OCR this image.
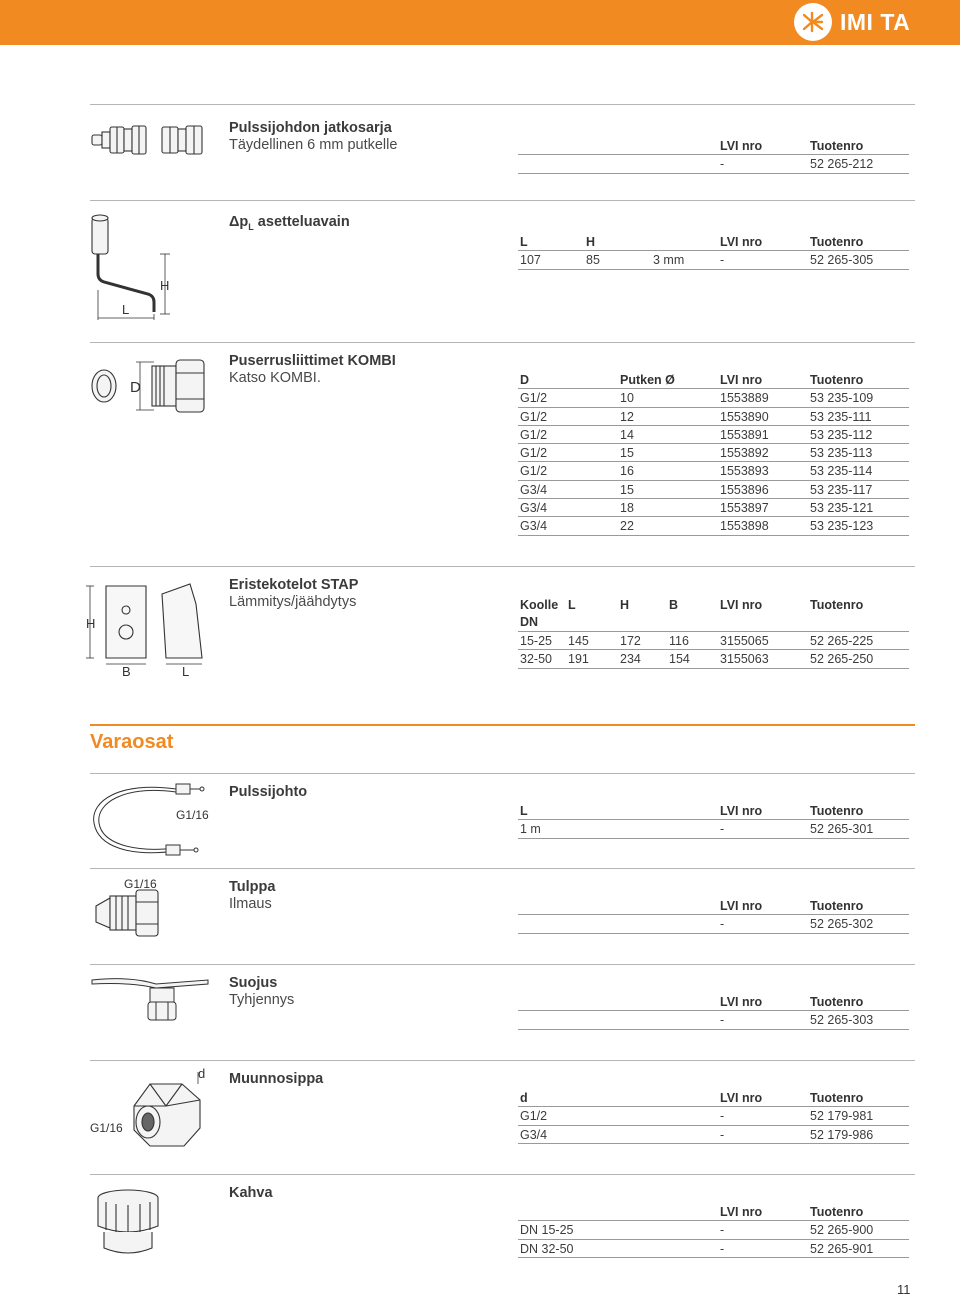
IMI TA
Pulssijohdon jatkosarja
Täydellinen 6 mm putkelle	LVI nro	Tuotenro
-	52 265-212
L
H
$\Delta p_L$ asetteluavain
L	H	LVI nro	Tuotenro
107	85	3 mm	-	52 265-305
D
Puserrusliittimet KOMBI
Katso KOMBI.	D	Putken Ø	LVI nro	Tuotenro
G1/2	10	1553889	53 235-109
G1/2	12	1553890	53 235-111
G1/2	14	1553891	53 235-112
G1/2	15	1553892	53 235-113
G1/2	16	1553893	53 235-114
G3/4	15	1553896	53 235-117
G3/4	18	1553897	53 235-121
G3/4	22	1553898	53 235-123
H
B	L
Eristekotelot STAP
Lämmitys/jäähdytys	Koolle
DN
L	H	B	LVI nro	Tuotenro
15-25 145 172 116 3155065	52 265-225
32-50 191 234 154 3155063	52 265-250
Varaosat
G1/16
Pulssijohto
L	LVI nro	Tuotenro
1 m	-	52 265-301
G1/16	Tulppa
Ilmaus	LVI nro	Tuotenro
-	52 265-302
Suojus
Tyhjennys	LVI nro	Tuotenro
-	52 265-303
d
G1/16
Muunnosippa
d	LVI nro	Tuotenro
G1/2	-	52 179-981
G3/4	-	52 179-986
Kahva
LVI nro	Tuotenro
DN 15-25	-	52 265-900
DN 32-50	-	52 265-901
11
